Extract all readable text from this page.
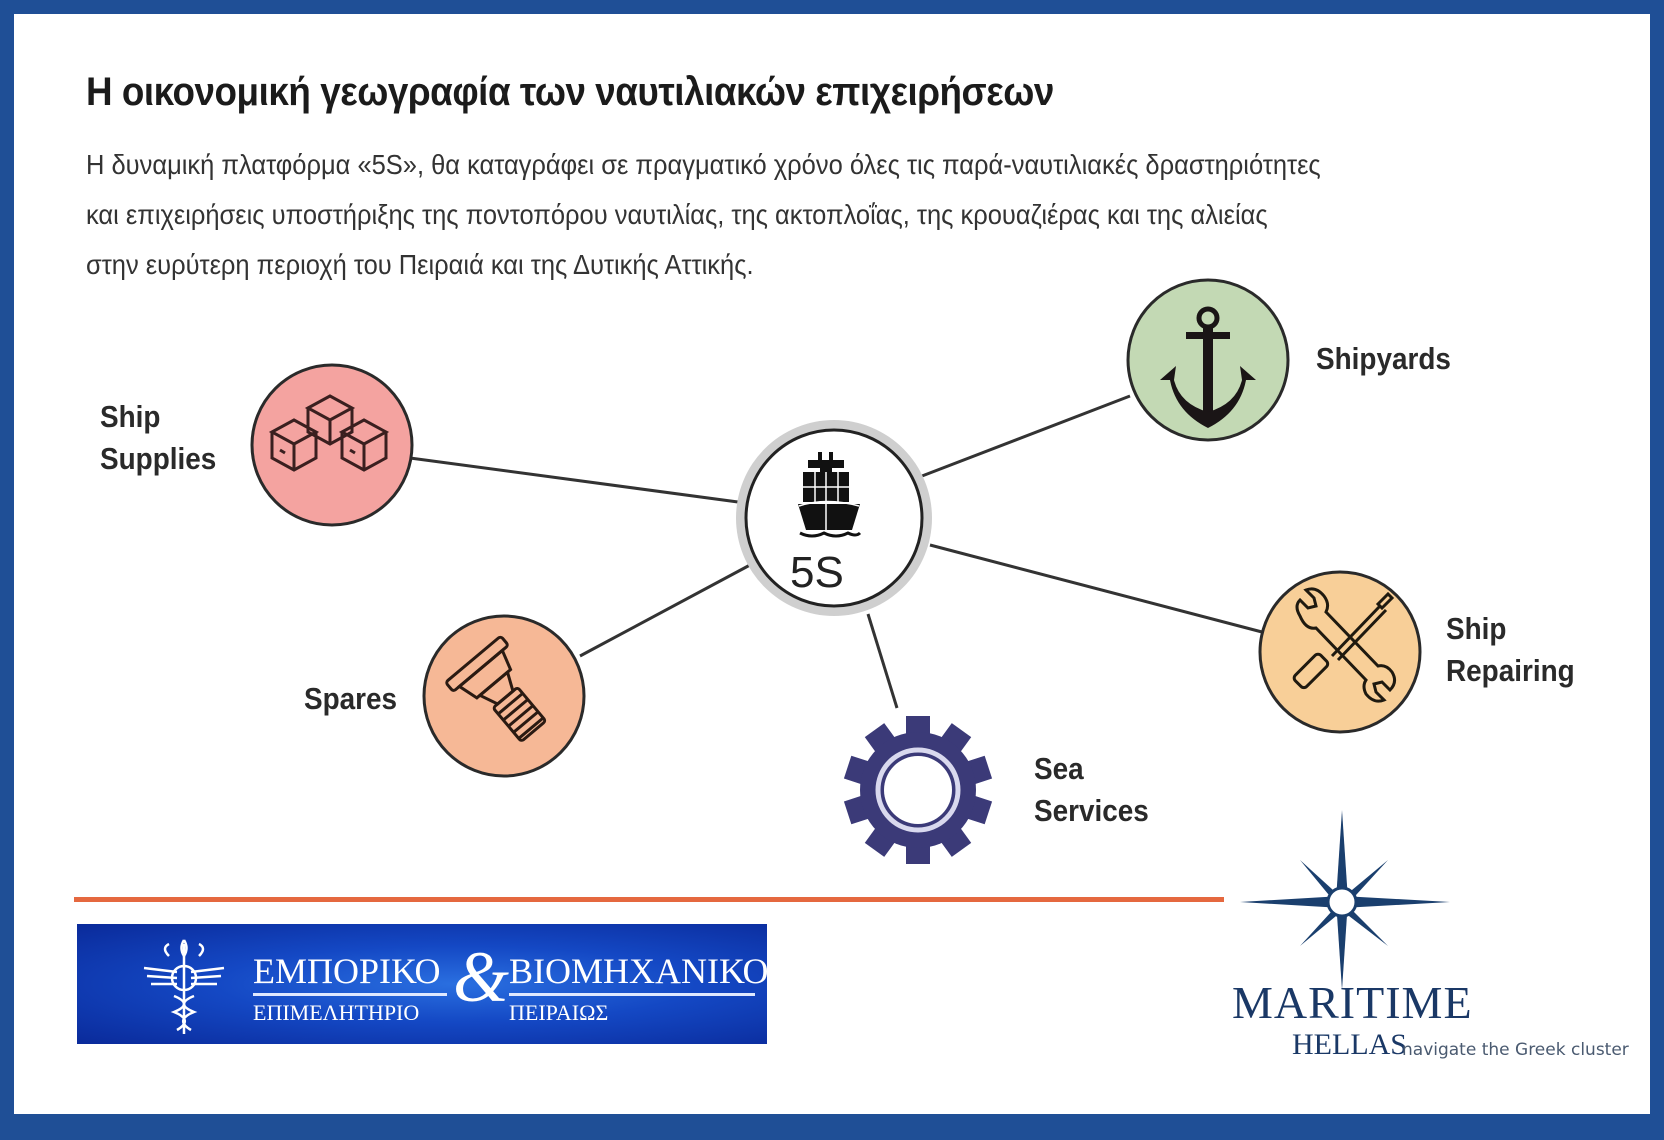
Η οικονομική γεωγραφία των ναυτιλιακών επιχειρήσεων
Η δυναμική πλατφόρμα «5S», θα καταγράφει σε πραγματικό χρόνο όλες τις παρά-ναυτιλιακές δραστηριότητες
και επιχειρήσεις υποστήριξης της ποντοπόρου ναυτιλίας, της ακτοπλοΐας, της κρουαζιέρας και της αλιείας
στην ευρύτερη περιοχή του Πειραιά και της Δυτικής Αττικής.
5S
Ship
Supplies
Spares
Sea
Services
Ship
Repairing
Shipyards
ΕΜΠΟΡΙΚΟ
ΕΠΙΜΕΛΗΤΗΡΙΟ & ΒΙΟΜΗΧΑΝΙΚΟ
ΠΕΙΡΑΙΩΣ	MARITIME
HELLAS
navigate the Greek cluster
